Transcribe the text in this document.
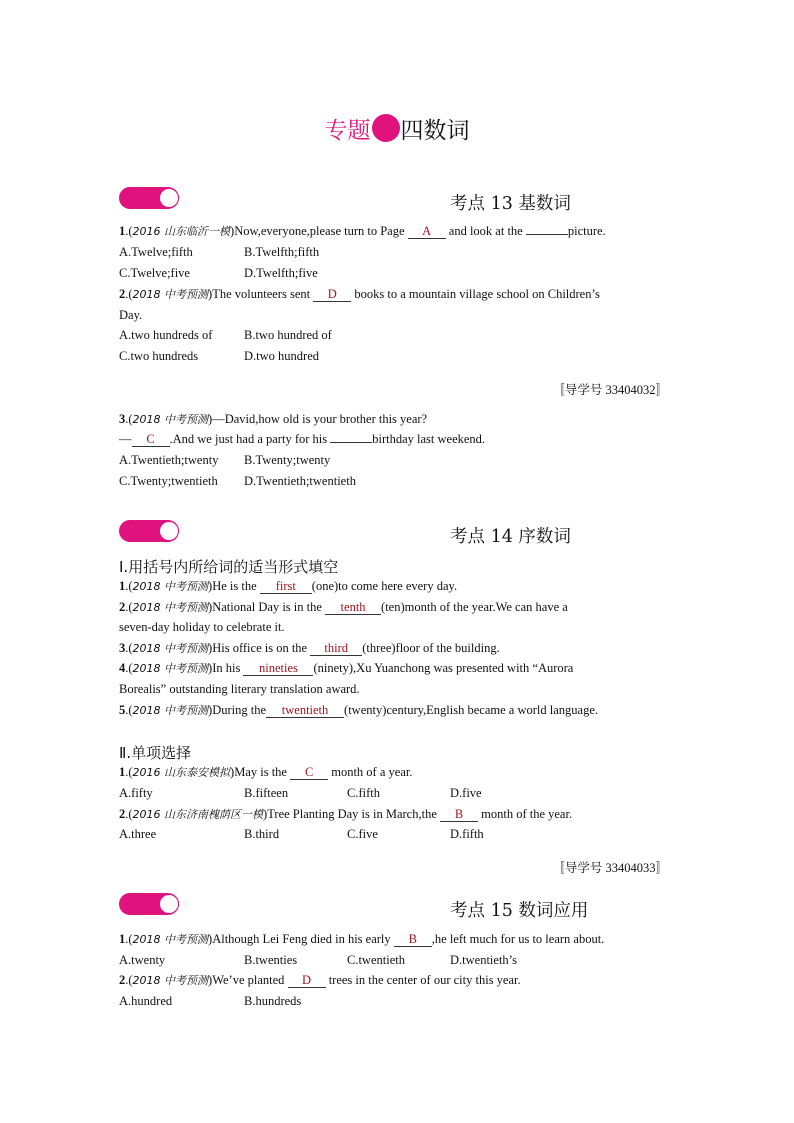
专题 四数词
考点 13 基数词
1.(2016 山东临沂一模)Now,everyone,please turn to Page A and look at the	picture.
A.Twelve;fifth	B.Twelfth;fifth
C.Twelve;five	D.Twelfth;five
2.(2018 中考预测)The volunteers sent D books to a mountain village school on Children’s
Day.
A.two hundreds of	B.two hundred of
C.two hundreds	D.two hundred
〚导学号 33404032〛
3.(2018 中考预测)—David,how old is your brother this year?
— C .And we just had a party for his	birthday last weekend.
A.Twentieth;twenty B.Twenty;twenty
C.Twenty;twentieth D.Twentieth;twentieth
考点 14 序数词
Ⅰ.用括号内所给词的适当形式填空
1.(2018 中考预测)He is the first (one)to come here every day.
2.(2018 中考预测)National Day is in the tenth (ten)month of the year.We can have a
seven-day holiday to celebrate it.
3.(2018 中考预测)His office is on the third (three)floor of the building.
4.(2018 中考预测)In his nineties (ninety),Xu Yuanchong was presented with “Aurora
Borealis” outstanding literary translation award.
5.(2018 中考预测)During the twentieth (twenty)century,English became a world language.
Ⅱ.单项选择
1.(2016 山东泰安模拟)May is the C month of a year.
A.fifty	B.fifteen	C.fifth	D.five
2.(2016 山东济南槐荫区一模)Tree Planting Day is in March,the B month of the year.
A.three	B.third	C.five	D.fifth
〚导学号 33404033〛
考点 15 数词应用
1.(2018 中考预测)Although Lei Feng died in his early B ,he left much for us to learn about.
A.twenty	B.twenties	C.twentieth	D.twentieth’s
2.(2018 中考预测)We’ve planted D trees in the center of our city this year.
A.hundred	B.hundreds
